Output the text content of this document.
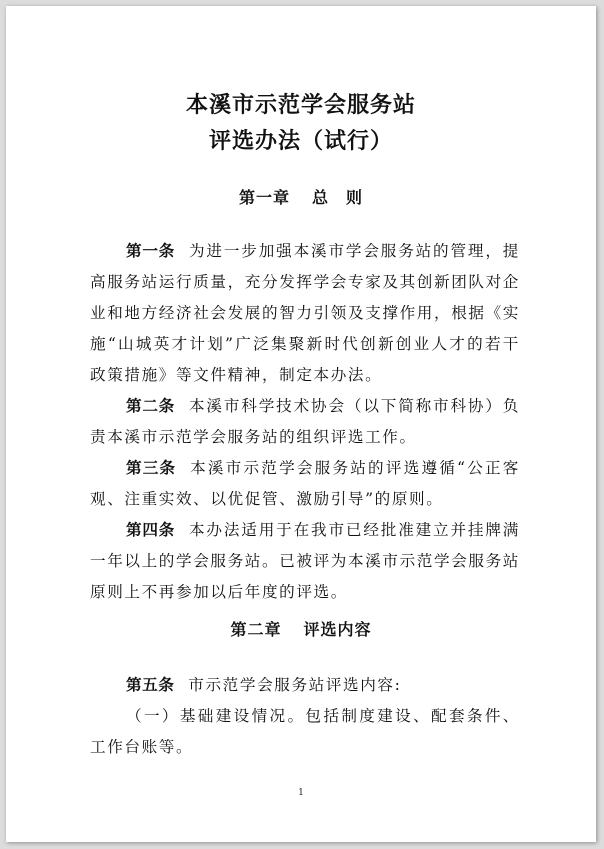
本溪市示范学会服务站
评选办法（试行）
第一章 总　则

第一条 为进一步加强本溪市学会服务站的管理，提高服务站运行质量，充分发挥学会专家及其创新团队对企业和地方经济社会发展的智力引领及支撑作用，根据《实施“山城英才计划”广泛集聚新时代创新创业人才的若干政策措施》等文件精神，制定本办法。

第二条 本溪市科学技术协会（以下简称市科协）负责本溪市示范学会服务站的组织评选工作。

第三条 本溪市示范学会服务站的评选遵循“公正客观、注重实效、以优促管、激励引导”的原则。

第四条 本办法适用于在我市已经批准建立并挂牌满一年以上的学会服务站。已被评为本溪市示范学会服务站原则上不再参加以后年度的评选。

第二章 评选内容

第五条 市示范学会服务站评选内容:

（一）基础建设情况。包括制度建设、配套条件、工作台账等。

1
